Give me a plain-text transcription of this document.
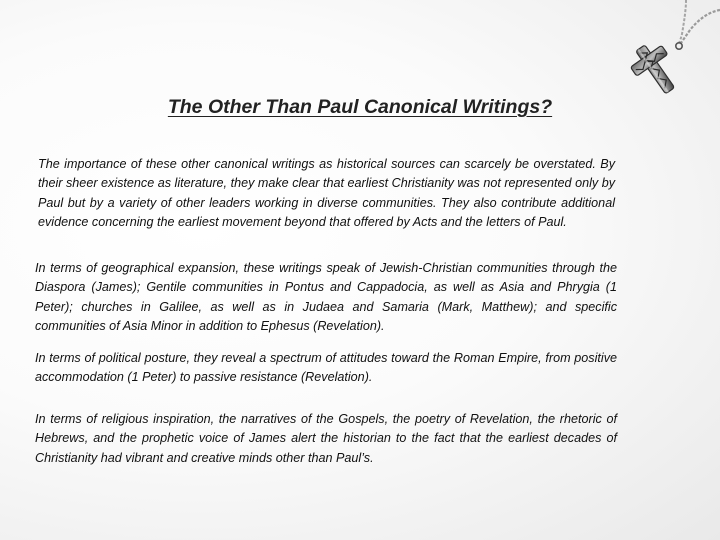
The Other Than Paul Canonical Writings?

The importance of these other canonical writings as historical sources can scarcely be overstated. By their sheer existence as literature, they make clear that earliest Christianity was not represented only by Paul but by a variety of other leaders working in diverse communities. They also contribute additional evidence concerning the earliest movement beyond that offered by Acts and the letters of Paul.

In terms of geographical expansion, these writings speak of Jewish-Christian communities through the Diaspora (James); Gentile communities in Pontus and Cappadocia, as well as Asia and Phrygia (1 Peter); churches in Galilee, as well as in Judaea and Samaria (Mark, Matthew); and specific communities of Asia Minor in addition to Ephesus (Revelation).

In terms of political posture, they reveal a spectrum of attitudes toward the Roman Empire, from positive accommodation (1 Peter) to passive resistance (Revelation).

In terms of religious inspiration, the narratives of the Gospels, the poetry of Revelation, the rhetoric of Hebrews, and the prophetic voice of James alert the historian to the fact that the earliest decades of Christianity had vibrant and creative minds other than Paul’s.
